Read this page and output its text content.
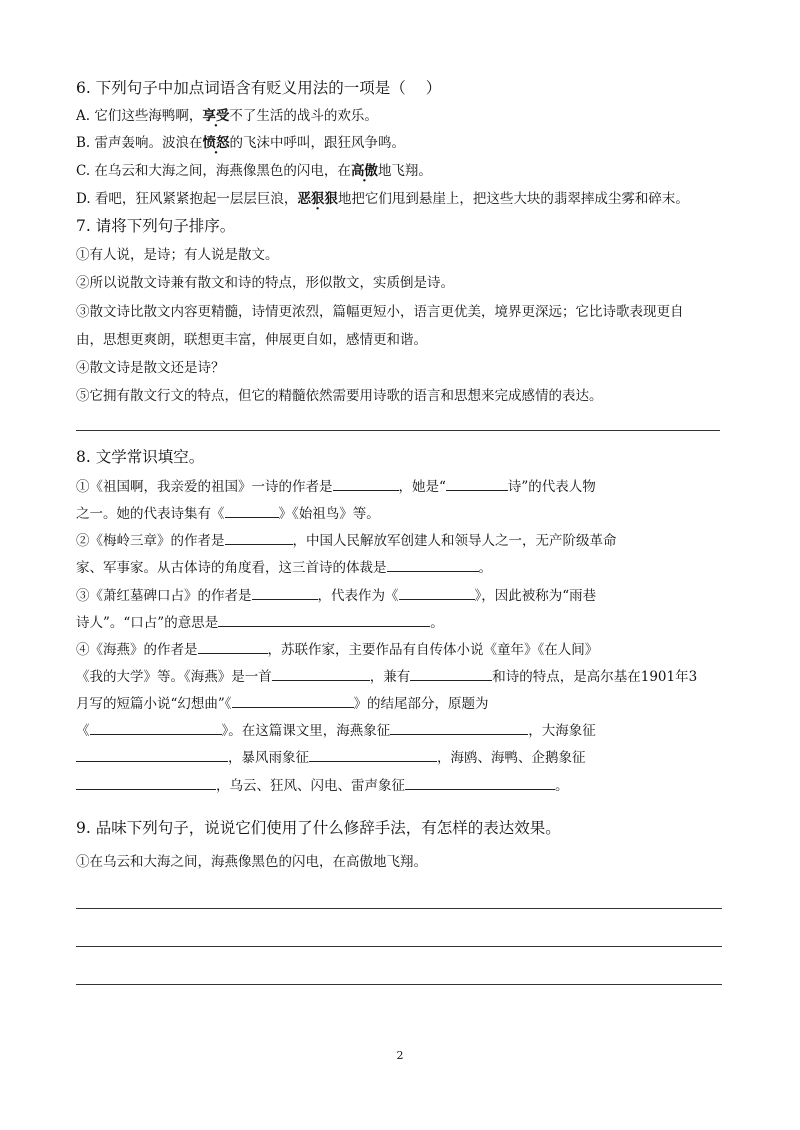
6. 下列句子中加点词语含有贬义用法的一项是（ ）
A. 它们这些海鸭啊，享受不了生活的战斗的欢乐。
B. 雷声轰响。波浪在愤怒的飞沫中呼叫，跟狂风争鸣。
C. 在乌云和大海之间，海燕像黑色的闪电，在高傲地飞翔。
D. 看吧，狂风紧紧抱起一层层巨浪，恶狠狠地把它们甩到悬崖上，把这些大块的翡翠摔成尘雾和碎末。
7. 请将下列句子排序。
①有人说，是诗；有人说是散文。
②所以说散文诗兼有散文和诗的特点，形似散文，实质倒是诗。
③散文诗比散文内容更精髓，诗情更浓烈，篇幅更短小，语言更优美，境界更深远；它比诗歌表现更自
由，思想更爽朗，联想更丰富，伸展更自如，感情更和谐。
④散文诗是散文还是诗？
⑤它拥有散文行文的特点，但它的精髓依然需要用诗歌的语言和思想来完成感情的表达。
8. 文学常识填空。
①《祖国啊，我亲爱的祖国》一诗的作者是	，她是“	诗”的代表人物
之一。她的代表诗集有《	》《始祖鸟》等。
②《梅岭三章》的作者是	，中国人民解放军创建人和领导人之一，无产阶级革命
家、军事家。从古体诗的角度看，这三首诗的体裁是	。
③《萧红墓碑口占》的作者是	，代表作为《	》，因此被称为“雨巷
诗人”。“口占”的意思是	。
④《海燕》的作者是	，苏联作家，主要作品有自传体小说《童年》《在人间》
《我的大学》等。《海燕》是一首	，兼有	和诗的特点，是高尔基在1901年3
月写的短篇小说“幻想曲”《	》的结尾部分，原题为
《	》。在这篇课文里，海燕象征	，大海象征
，暴风雨象征	，海鸥、海鸭、企鹅象征
，乌云、狂风、闪电、雷声象征	。
9. 品味下列句子，说说它们使用了什么修辞手法，有怎样的表达效果。
①在乌云和大海之间，海燕像黑色的闪电，在高傲地飞翔。
2
